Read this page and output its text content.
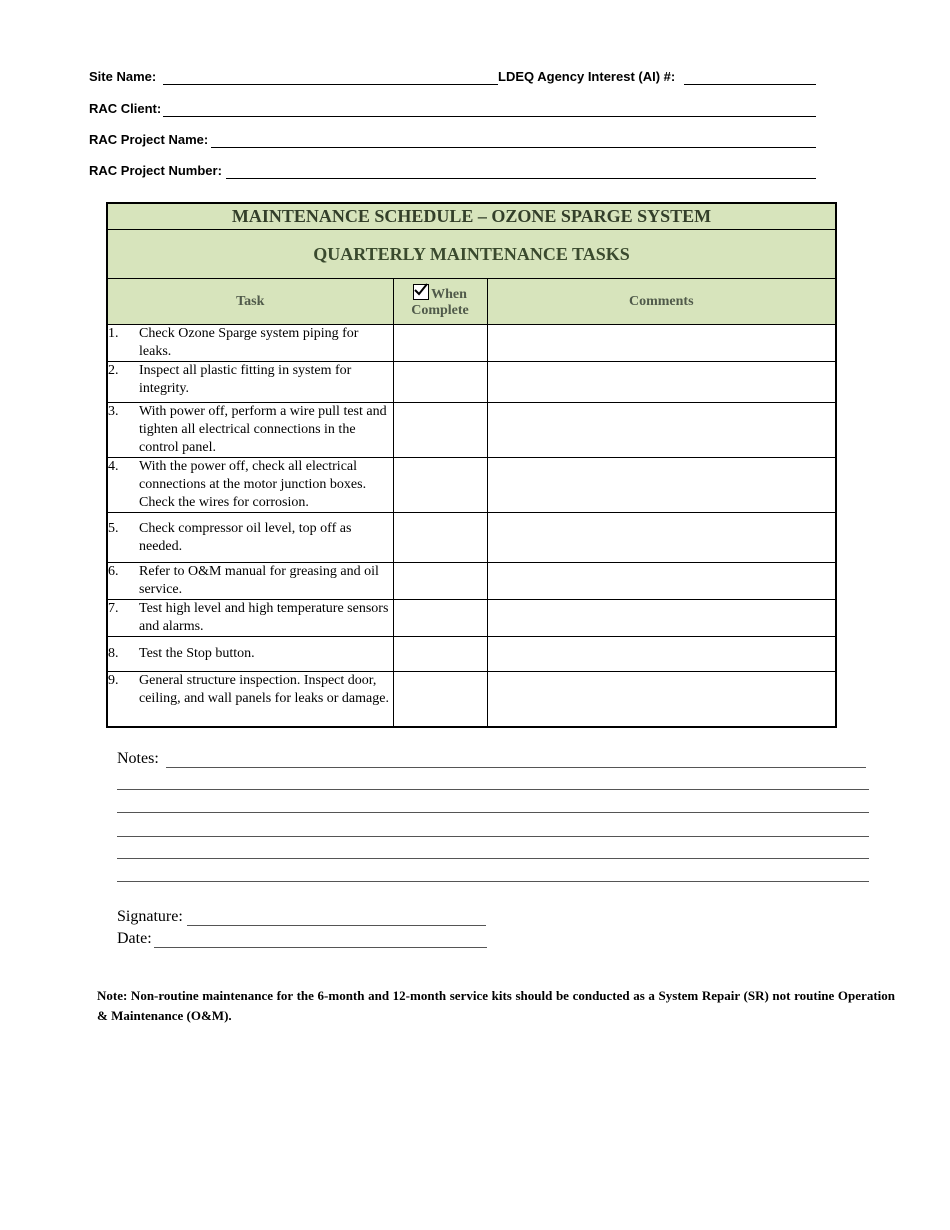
Site Name:	LDEQ Agency Interest (AI) #:
RAC Client:
RAC Project Name:
RAC Project Number:
MAINTENANCE SCHEDULE – OZONE SPARGE SYSTEM		
QUARTERLY MAINTENANCE TASKS		
Task	When Complete	Comments
1. Check Ozone Sparge system piping for leaks.		
2. Inspect all plastic fitting in system for integrity.		
3. With power off, perform a wire pull test and tighten all electrical connections in the control panel.		
4. With the power off, check all electrical connections at the motor junction boxes. Check the wires for corrosion.		
5. Check compressor oil level, top off as needed.		
6. Refer to O&M manual for greasing and oil service.		
7. Test high level and high temperature sensors and alarms.		
8. Test the Stop button.		
9. General structure inspection. Inspect door, ceiling, and wall panels for leaks or damage.		
Notes:
Signature:
Date:
Note: Non-routine maintenance for the 6-month and 12-month service kits should be conducted as a System Repair (SR) not routine Operation & Maintenance (O&M).
